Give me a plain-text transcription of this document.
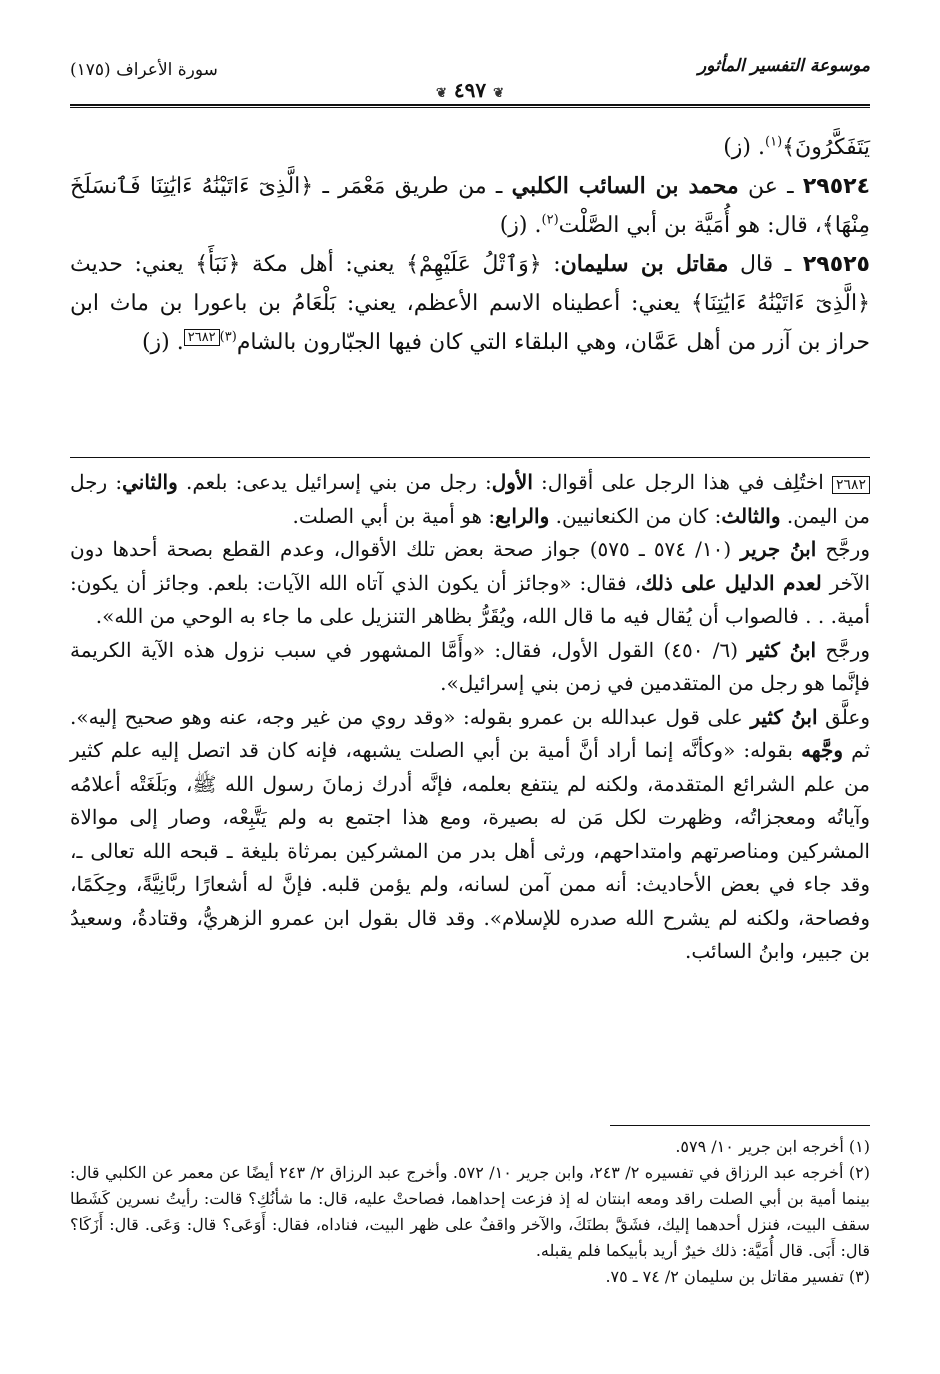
موسوعة التفسير المأثور
سورة الأعراف (١٧٥)
❦ ٤٩٧ ❦

يَتَفَكَّرُونَ﴾$^{(١)}$. (ز)

٢٩٥٢٤ ـ عن محمد بن السائب الكلبي ـ من طريق مَعْمَر ـ ﴿الَّذِىٓ ءَاتَيْنَٰهُ ءَايَٰتِنَا فَٱنسَلَخَ مِنْهَا﴾، قال: هو أُمَيَّة بن أبي الصَّلْت$^{(٢)}$. (ز)

٢٩٥٢٥ ـ قال مقاتل بن سليمان: ﴿وَٱتْلُ عَلَيْهِمْ﴾ يعني: أهل مكة ﴿نَبَأَ﴾ يعني: حديث ﴿الَّذِىٓ ءَاتَيْنَٰهُ ءَايَٰتِنَا﴾ يعني: أعطيناه الاسم الأعظم، يعني: بَلْعَامُ بن باعورا بن ماث ابن حراز بن آزر من أهل عَمَّان، وهي البلقاء التي كان فيها الجبّارون بالشام$^{(٣)}$٢٦٨٢. (ز)

٢٦٨٢ اختُلِف في هذا الرجل على أقوال: الأول: رجل من بني إسرائيل يدعى: بلعم. والثاني: رجل من اليمن. والثالث: كان من الكنعانيين. والرابع: هو أمية بن أبي الصلت.

ورجَّح ابنُ جرير (١٠/ ٥٧٤ ـ ٥٧٥) جواز صحة بعض تلك الأقوال، وعدم القطع بصحة أحدها دون الآخر لعدم الدليل على ذلك، فقال: «وجائز أن يكون الذي آتاه الله الآيات: بلعم. وجائز أن يكون: أمية. . . فالصواب أن يُقال فيه ما قال الله، ويُقَرُّ بظاهر التنزيل على ما جاء به الوحي من الله».

ورجَّح ابنُ كثير (٦/ ٤٥٠) القول الأول، فقال: «وأَمَّا المشهور في سبب نزول هذه الآية الكريمة فإنَّما هو رجل من المتقدمين في زمن بني إسرائيل».

وعلَّق ابنُ كثير على قول عبدالله بن عمرو بقوله: «وقد روي من غير وجه، عنه وهو صحيح إليه». ثم وجَّهه بقوله: «وكأنَّه إنما أراد أنَّ أمية بن أبي الصلت يشبهه، فإنه كان قد اتصل إليه علم كثير من علم الشرائع المتقدمة، ولكنه لم ينتفع بعلمه، فإنَّه أدرك زمانَ رسول الله ﷺ، وبَلَغَتْه أعلامُه وآياتُه ومعجزاتُه، وظهرت لكل مَن له بصيرة، ومع هذا اجتمع به ولم يَتَّبِعْه، وصار إلى موالاة المشركين ومناصرتهم وامتداحهم، ورثى أهل بدر من المشركين بمرثاة بليغة ـ قبحه الله تعالى ـ، وقد جاء في بعض الأحاديث: أنه ممن آمن لسانه، ولم يؤمن قلبه. فإنَّ له أشعارًا ربَّانِيَّةً، وحِكَمًا، وفصاحة، ولكنه لم يشرح الله صدره للإسلام». وقد قال بقول ابن عمرو الزهريُّ، وقتادةُ، وسعيدُ بن جبير، وابنُ السائب.

(١) أخرجه ابن جرير ١٠/ ٥٧٩.

(٢) أخرجه عبد الرزاق في تفسيره ٢/ ٢٤٣، وابن جرير ١٠/ ٥٧٢. وأخرج عبد الرزاق ٢/ ٢٤٣ أيضًا عن معمر عن الكلبي قال: بينما أمية بن أبي الصلت راقد ومعه ابنتان له إذ فزعت إحداهما، فصاحتْ عليه، قال: ما شأنُكِ؟ قالت: رأيتُ نسرين كَشَطا سقف البيت، فنزل أحدهما إليك، فشَقَّ بطنَكَ، والآخر واقفٌ على ظهر البيت، فناداه، فقال: أَوَعَى؟ قال: وَعَى. قال: أَزَكَا؟ قال: أَبَى. قال أُمَيَّة: ذلك خيرٌ أريد بأبيكما فلم يقبله.

(٣) تفسير مقاتل بن سليمان ٢/ ٧٤ ـ ٧٥.
